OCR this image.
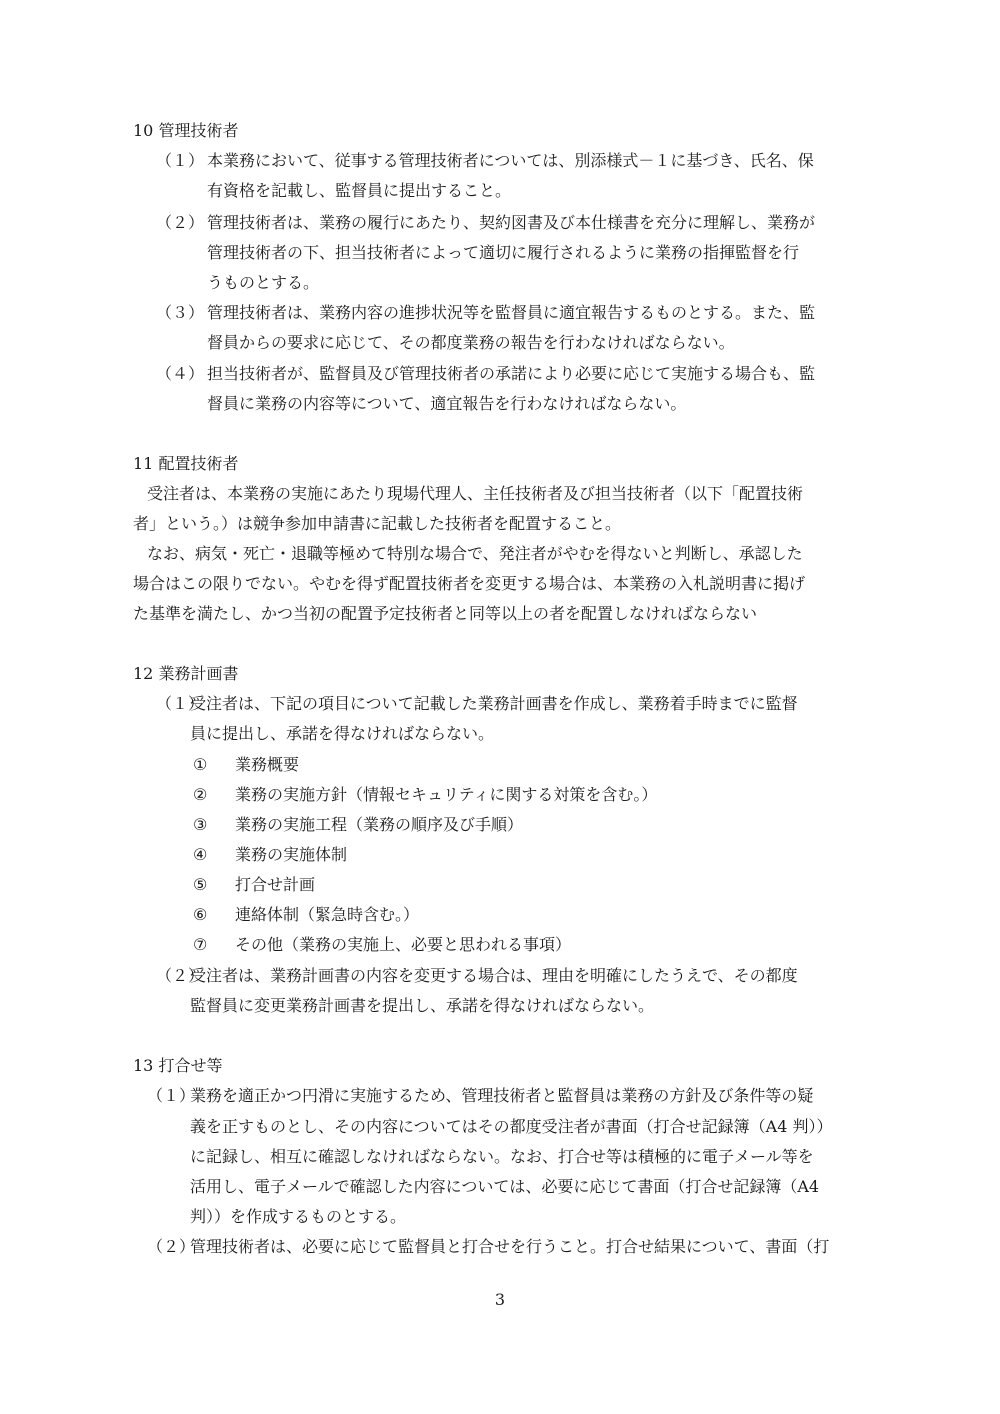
10 管理技術者
（１） 本業務において、従事する管理技術者については、別添様式－１に基づき、氏名、保
有資格を記載し、監督員に提出すること。
（２） 管理技術者は、業務の履行にあたり、契約図書及び本仕様書を充分に理解し、業務が
管理技術者の下、担当技術者によって適切に履行されるように業務の指揮監督を行
うものとする。
（３） 管理技術者は、業務内容の進捗状況等を監督員に適宜報告するものとする。また、監
督員からの要求に応じて、その都度業務の報告を行わなければならない。
（４） 担当技術者が、監督員及び管理技術者の承諾により必要に応じて実施する場合も、監
督員に業務の内容等について、適宜報告を行わなければならない。
11 配置技術者
受注者は、本業務の実施にあたり現場代理人、主任技術者及び担当技術者（以下「配置技術
者」という。）は競争参加申請書に記載した技術者を配置すること。
なお、病気・死亡・退職等極めて特別な場合で、発注者がやむを得ないと判断し、承認した
場合はこの限りでない。やむを得ず配置技術者を変更する場合は、本業務の入札説明書に掲げ
た基準を満たし、かつ当初の配置予定技術者と同等以上の者を配置しなければならない
12 業務計画書
（１）
受注者は、下記の項目について記載した業務計画書を作成し、業務着手時までに監督
員に提出し、承諾を得なければならない。
① 業務概要
② 業務の実施方針（情報セキュリティに関する対策を含む。）
③ 業務の実施工程（業務の順序及び手順）
④ 業務の実施体制
⑤ 打合せ計画
⑥ 連絡体制（緊急時含む。）
⑦ その他（業務の実施上、必要と思われる事項）
（２）
受注者は、業務計画書の内容を変更する場合は、理由を明確にしたうえで、その都度
監督員に変更業務計画書を提出し、承諾を得なければならない。
13 打合せ等
（１）
業務を適正かつ円滑に実施するため、管理技術者と監督員は業務の方針及び条件等の疑
義を正すものとし、その内容についてはその都度受注者が書面（打合せ記録簿（A4 判））
に記録し、相互に確認しなければならない。なお、打合せ等は積極的に電子メール等を
活用し、電子メールで確認した内容については、必要に応じて書面（打合せ記録簿（A4
判））を作成するものとする。
（２）
管理技術者は、必要に応じて監督員と打合せを行うこと。打合せ結果について、書面（打
3
